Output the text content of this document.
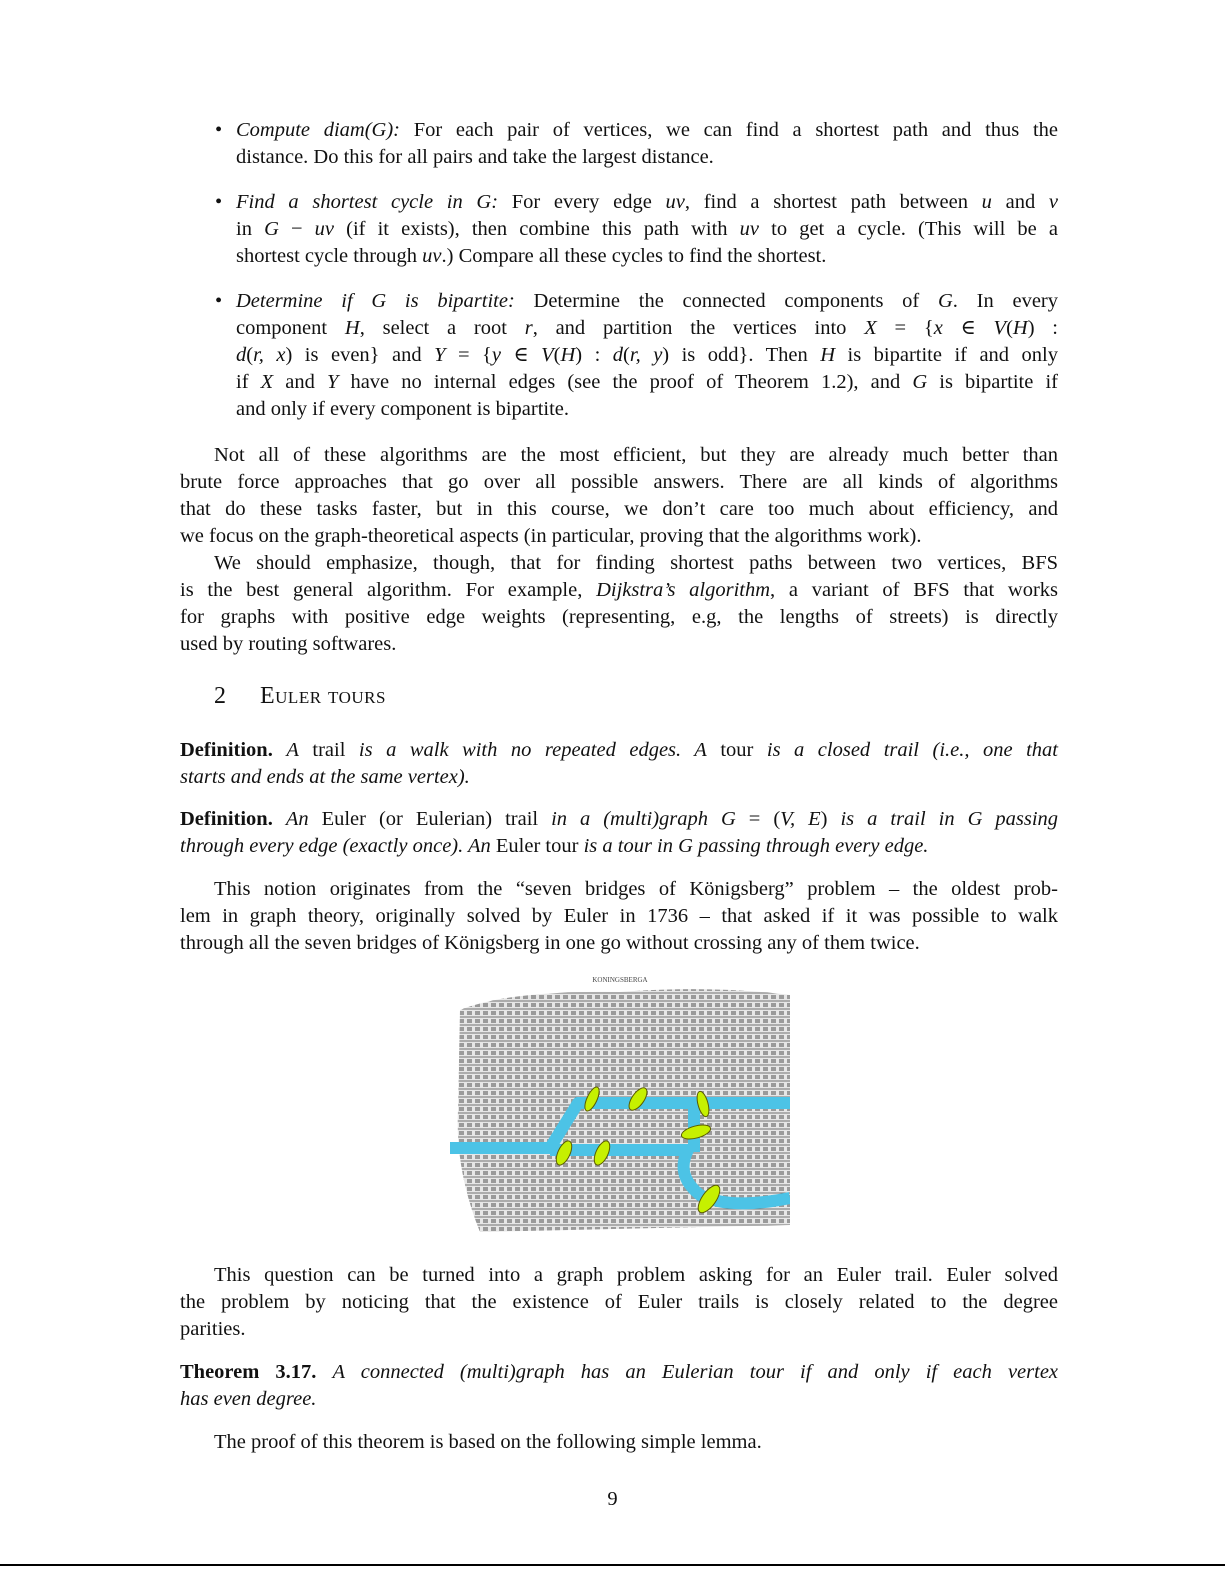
• Compute diam(G): For each pair of vertices, we can find a shortest path and thus the
distance. Do this for all pairs and take the largest distance.
• Find a shortest cycle in G: For every edge uv, find a shortest path between u and v
in G − uv (if it exists), then combine this path with uv to get a cycle. (This will be a
shortest cycle through uv.) Compare all these cycles to find the shortest.
• Determine if G is bipartite: Determine the connected components of G. In every
component H, select a root r, and partition the vertices into X = {x ∈ V(H) :
d(r, x) is even} and Y = {y ∈ V(H) : d(r, y) is odd}. Then H is bipartite if and only
if X and Y have no internal edges (see the proof of Theorem 1.2), and G is bipartite if
and only if every component is bipartite.
Not all of these algorithms are the most efficient, but they are already much better than
brute force approaches that go over all possible answers. There are all kinds of algorithms
that do these tasks faster, but in this course, we don’t care too much about efficiency, and
we focus on the graph-theoretical aspects (in particular, proving that the algorithms work).
We should emphasize, though, that for finding shortest paths between two vertices, BFS
is the best general algorithm. For example, Dijkstra’s algorithm, a variant of BFS that works
for graphs with positive edge weights (representing, e.g, the lengths of streets) is directly
used by routing softwares.
2 Euler tours
Definition. A trail is a walk with no repeated edges. A tour is a closed trail (i.e., one that
starts and ends at the same vertex).
Definition. An Euler (or Eulerian) trail in a (multi)graph G = (V, E) is a trail in G passing
through every edge (exactly once). An Euler tour is a tour in G passing through every edge.
This notion originates from the “seven bridges of Königsberg” problem – the oldest prob-
lem in graph theory, originally solved by Euler in 1736 – that asked if it was possible to walk
through all the seven bridges of Königsberg in one go without crossing any of them twice.
KONINGSBERGA
This question can be turned into a graph problem asking for an Euler trail. Euler solved
the problem by noticing that the existence of Euler trails is closely related to the degree
parities.
Theorem 3.17. A connected (multi)graph has an Eulerian tour if and only if each vertex
has even degree.
The proof of this theorem is based on the following simple lemma.
9
